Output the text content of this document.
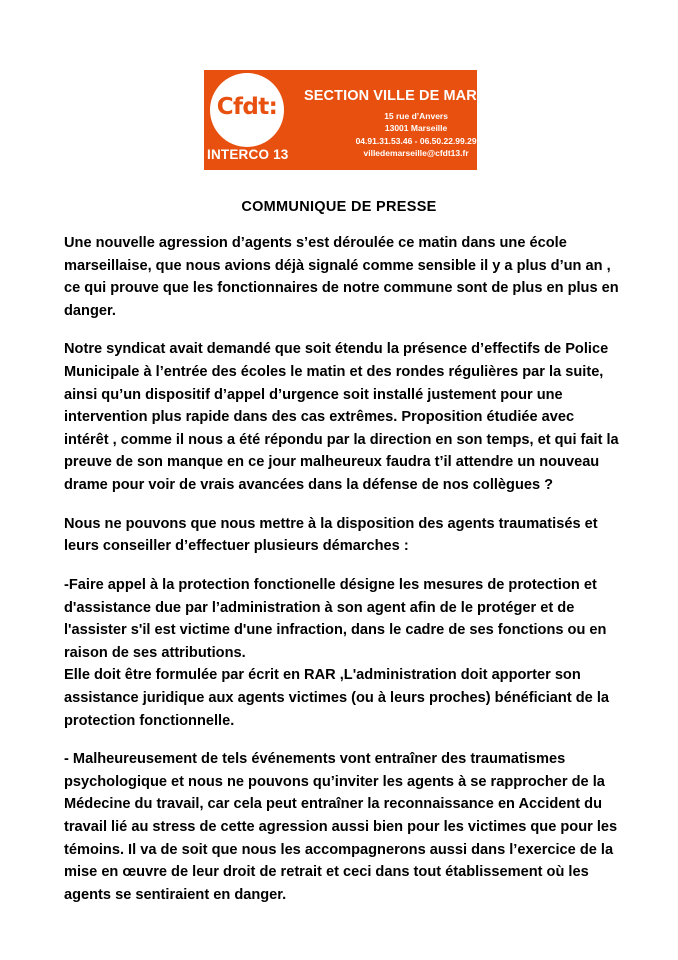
Cfdt:
INTERCO 13
SECTION VILLE DE MARSEILLE
15 rue d’Anvers
13001 Marseille
04.91.31.53.46 - 06.50.22.99.29
villedemarseille@cfdt13.fr
COMMUNIQUE DE PRESSE

Une nouvelle agression d’agents s’est déroulée ce matin dans une école marseillaise, que nous avions déjà signalé comme sensible il y a plus d’un an , ce qui prouve que les fonctionnaires de notre commune sont de plus en plus en danger.

Notre syndicat avait demandé que soit étendu la présence d’effectifs de Police Municipale à l’entrée des écoles le matin et des rondes régulières par la suite, ainsi qu’un dispositif d’appel d’urgence soit installé justement pour une intervention plus rapide dans des cas extrêmes. Proposition étudiée avec intérêt , comme il nous a été répondu par la direction en son temps, et qui fait la preuve de son manque en ce jour malheureux faudra t’il attendre un nouveau drame pour voir de vrais avancées dans la défense de nos collègues ?

Nous ne pouvons que nous mettre à la disposition des agents traumatisés et leurs conseiller d’effectuer plusieurs démarches :

-Faire appel à la protection fonctionelle désigne les mesures de protection et d'assistance due par l’administration à son agent afin de le protéger et de l'assister s'il est victime d'une infraction, dans le cadre de ses fonctions ou en raison de ses attributions.
Elle doit être formulée par écrit en RAR ,L'administration doit apporter son assistance juridique aux agents victimes (ou à leurs proches) bénéficiant de la protection fonctionnelle.

- Malheureusement de tels événements vont entraîner des traumatismes psychologique et nous ne pouvons qu’inviter les agents à se rapprocher de la Médecine du travail, car cela peut entraîner la reconnaissance en Accident du travail lié au stress de cette agression aussi bien pour les victimes que pour les témoins. Il va de soit que nous les accompagnerons aussi dans l’exercice de la mise en œuvre de leur droit de retrait et ceci dans tout établissement où les agents se sentiraient en danger.
